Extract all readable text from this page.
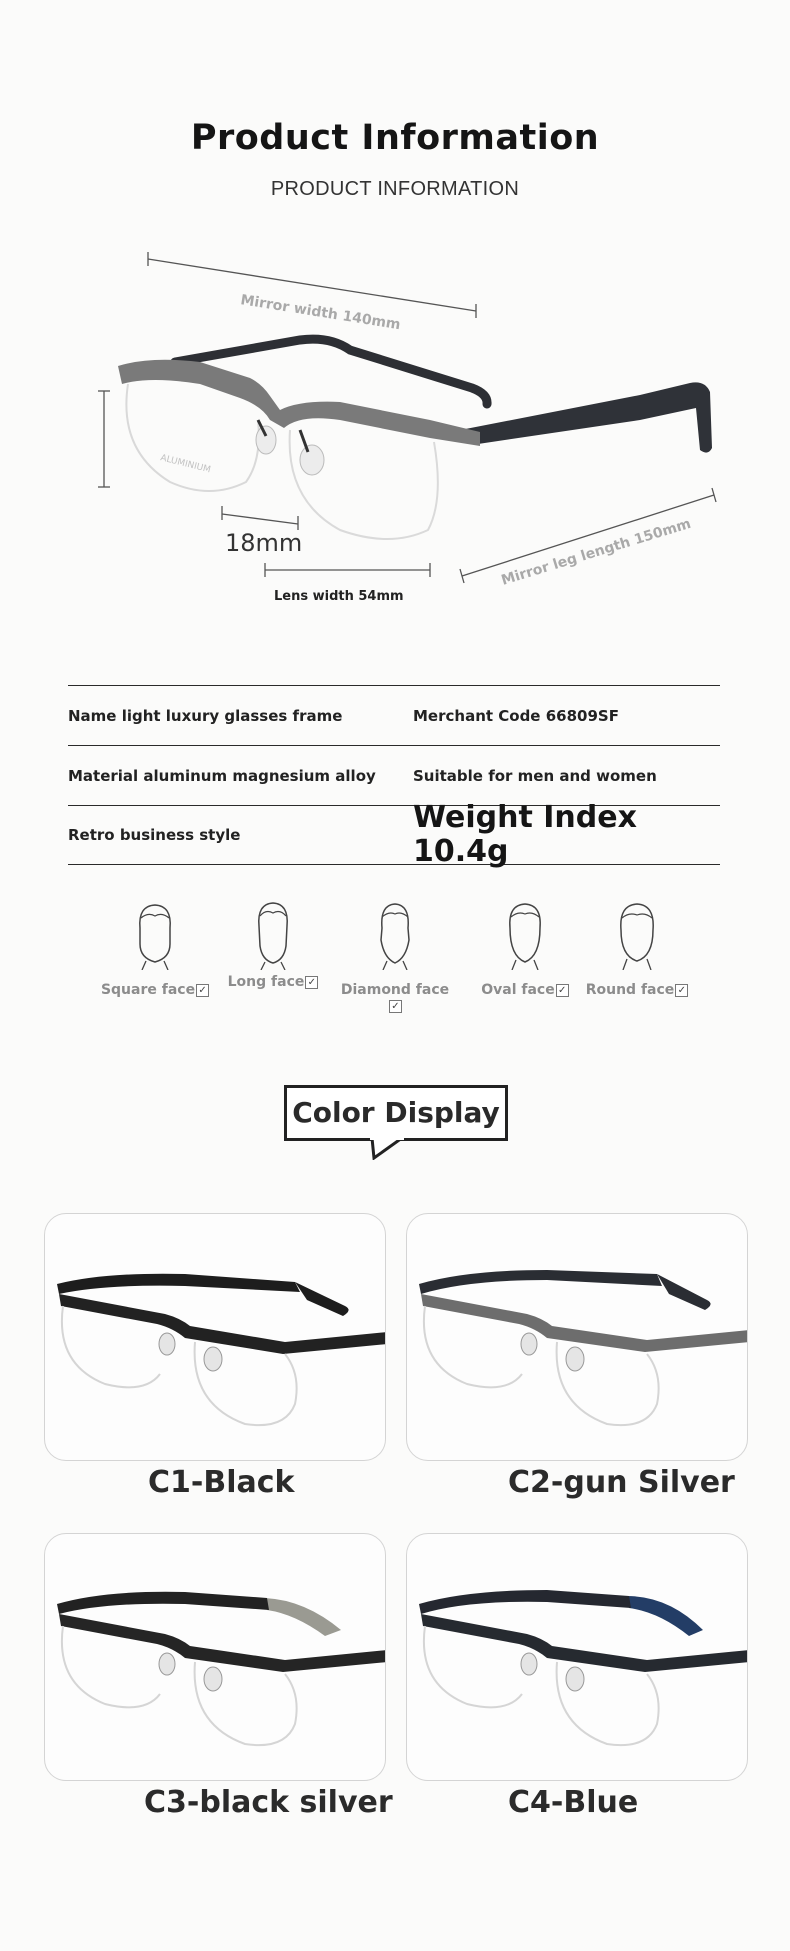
Product Information
PRODUCT INFORMATION
Mirror width 140mm
ALUMINIUM
18mm
Lens width 54mm
Mirror leg length 150mm
Name light luxury glasses frame	Merchant Code 66809SF
Material aluminum magnesium alloy	Suitable for men and women
Retro business style	Weight Index 10.4g
Square face ✓	Long face ✓	Diamond face✓
Oval face ✓	Round face ✓
Color Display
C1-Black	C2-gun Silver
C3-black silver	C4-Blue
